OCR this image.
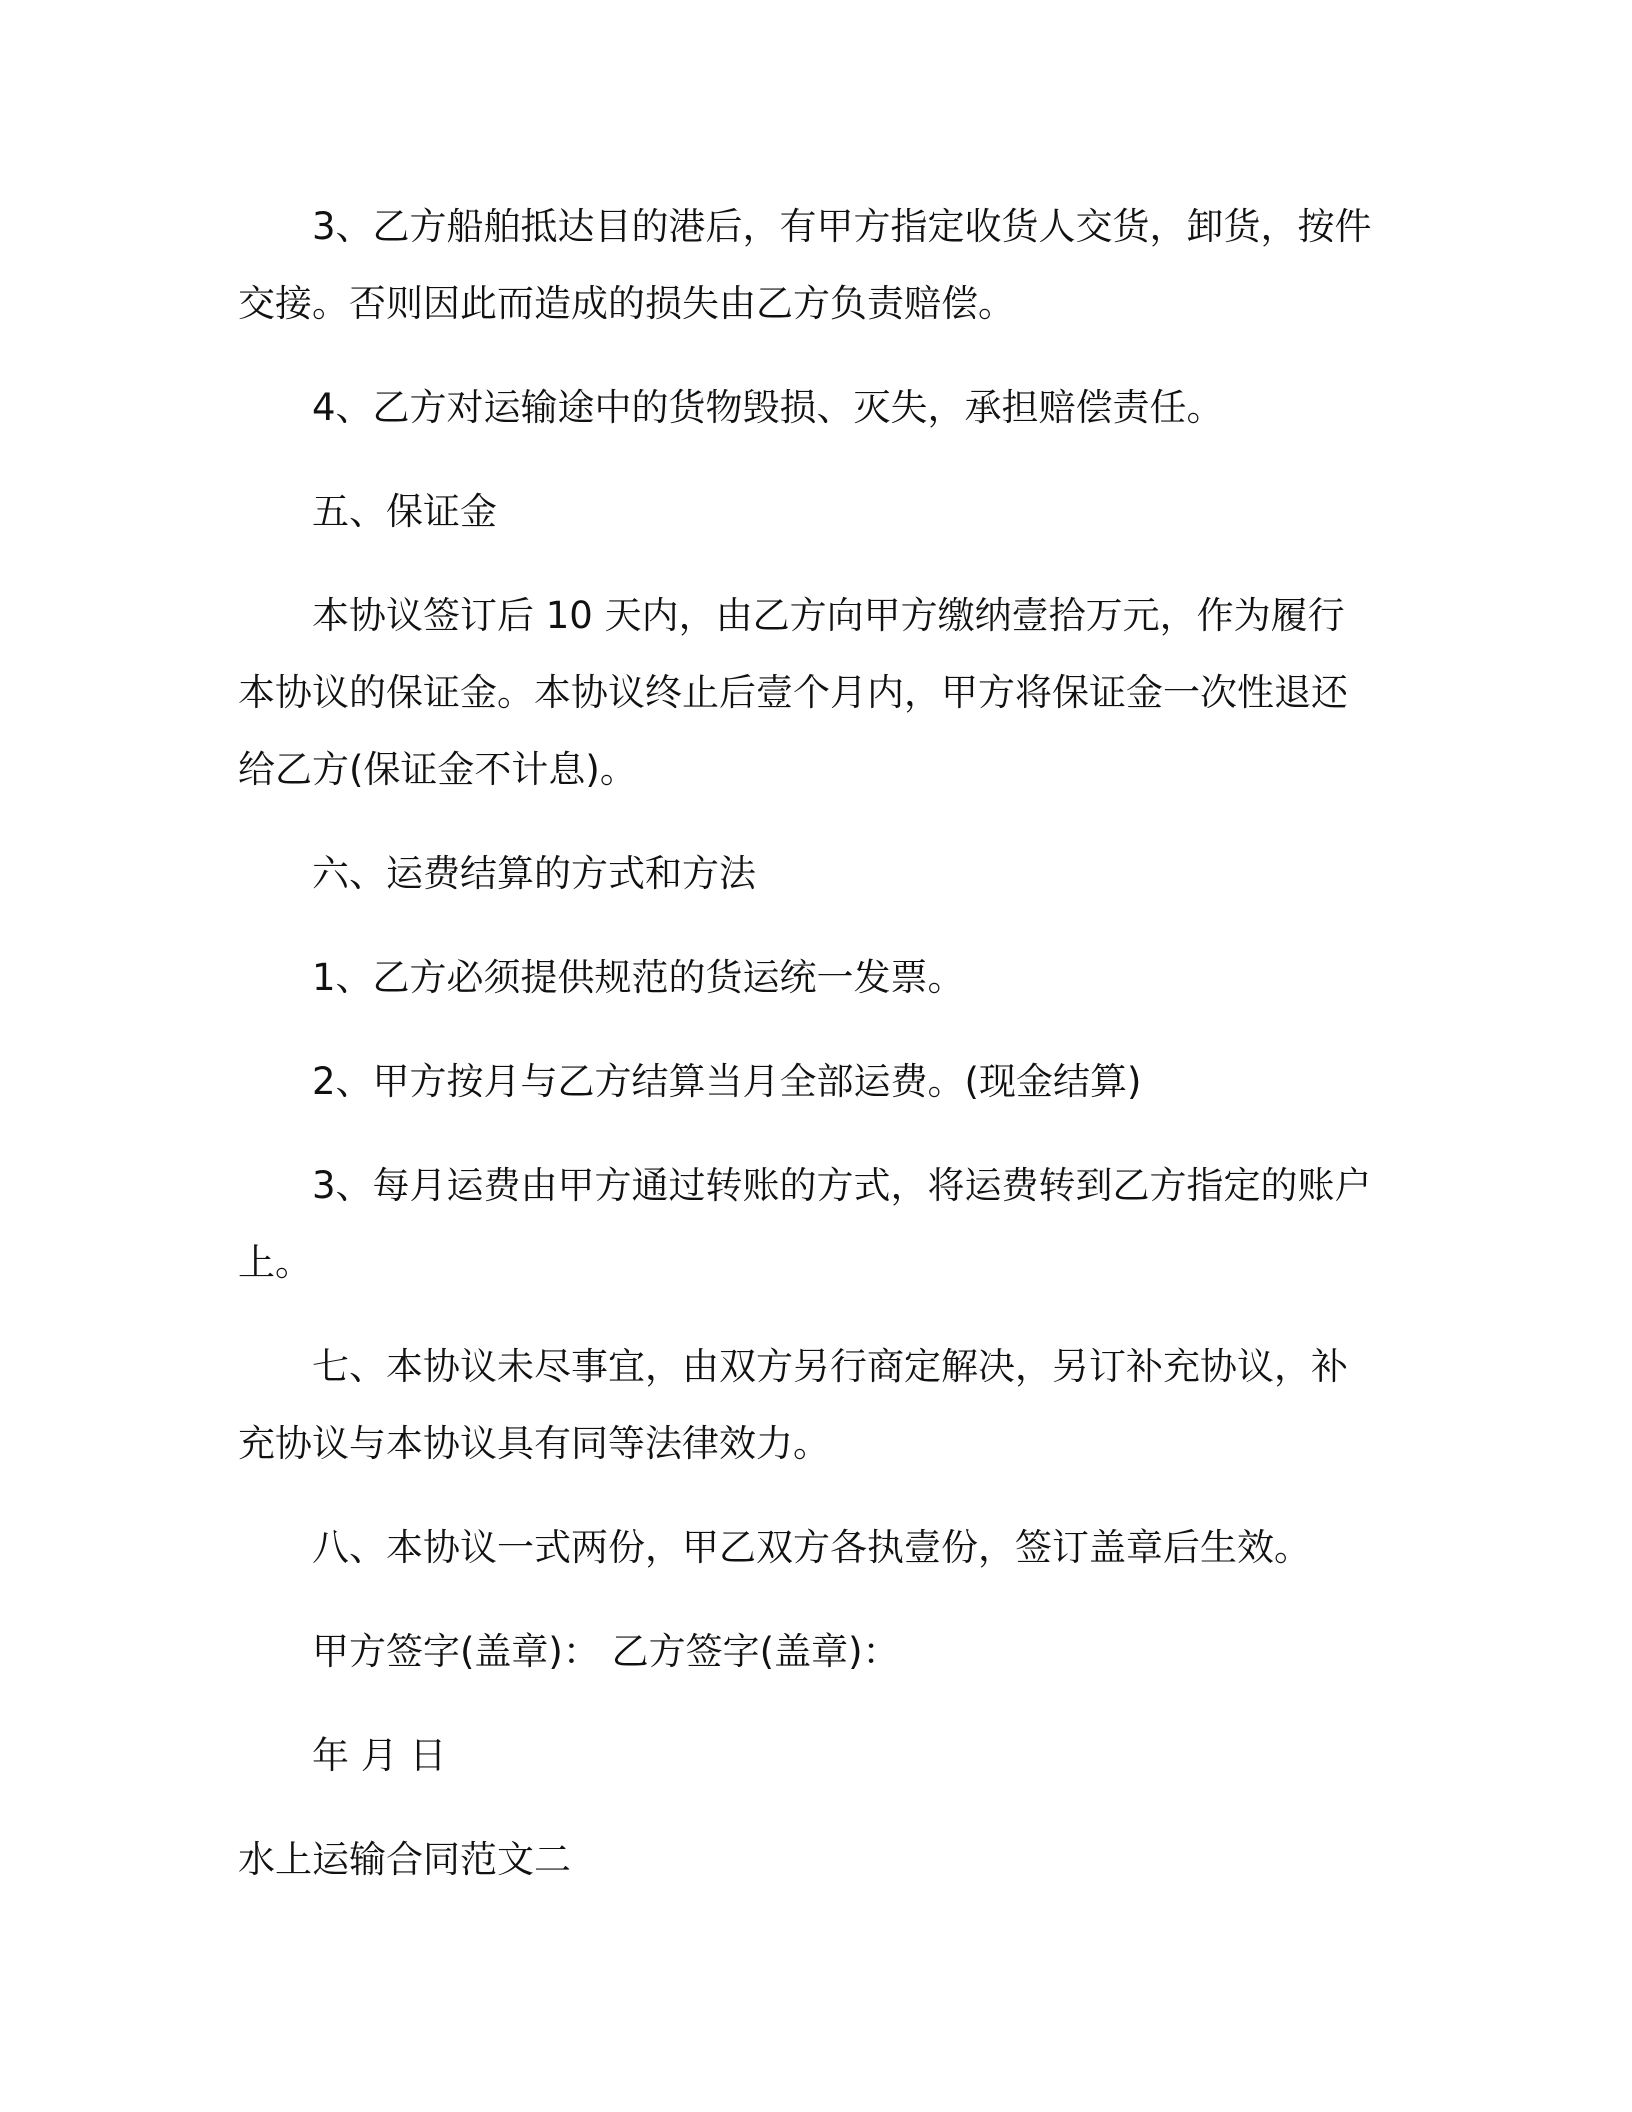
3、乙方船舶抵达目的港后，有甲方指定收货人交货，卸货，按件交接。否则因此而造成的损失由乙方负责赔偿。

4、乙方对运输途中的货物毁损、灭失，承担赔偿责任。

五、保证金

本协议签订后 10 天内，由乙方向甲方缴纳壹拾万元，作为履行本协议的保证金。本协议终止后壹个月内，甲方将保证金一次性退还给乙方(保证金不计息)。

六、运费结算的方式和方法

1、乙方必须提供规范的货运统一发票。

2、甲方按月与乙方结算当月全部运费。(现金结算)

3、每月运费由甲方通过转账的方式，将运费转到乙方指定的账户上。

七、本协议未尽事宜，由双方另行商定解决，另订补充协议，补充协议与本协议具有同等法律效力。

八、本协议一式两份，甲乙双方各执壹份，签订盖章后生效。

甲方签字(盖章)： 乙方签字(盖章)：

年 月 日

水上运输合同范文二
